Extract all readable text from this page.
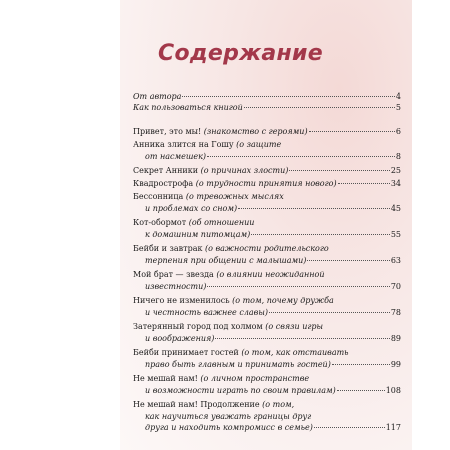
Содержание
От автора	4
Как пользоваться книгой	5
Привет, это мы! (знакомство с героями)	6
Анника злится на Гошу (о защите
от насмешек)	8
Секрет Анники (о причинах злости)	25
Квадрострофа (о трудности принятия нового)	34
Бессонница (о тревожных мыслях
и проблемах со сном)	45
Кот-обормот (об отношении
к домашним питомцам)	55
Бейби и завтрак (о важности родительского
терпения при общении с малышами)	63
Мой брат — звезда (о влиянии неожиданной
известности)	70
Ничего не изменилось (о том, почему дружба
и честность важнее славы)	78
Затерянный город под холмом (о связи игры
и воображения)	89
Бейби принимает гостей (о том, как отстаивать
право быть главным и принимать гостей)	99
Не мешай нам! (о личном пространстве
и возможности играть по своим правилам)	108
Не мешай нам! Продолжение (о том,
как научиться уважать границы друг
друга и находить компромисс в семье)	117
